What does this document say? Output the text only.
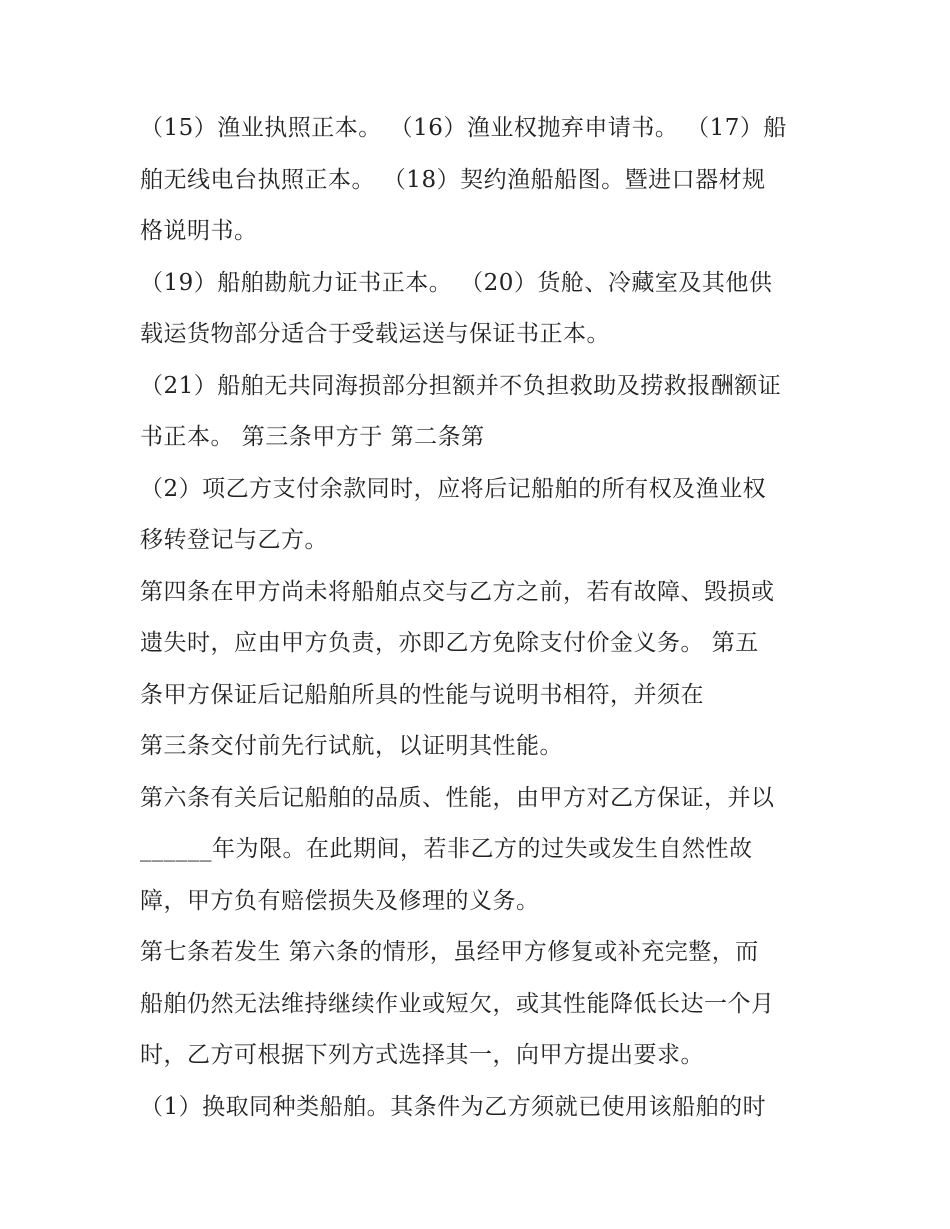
（15）渔业执照正本。 （16）渔业权抛弃申请书。 （17）船
舶无线电台执照正本。 （18）契约渔船船图。暨进口器材规
格说明书。
（19）船舶勘航力证书正本。 （20）货舱、冷藏室及其他供
载运货物部分适合于受载运送与保证书正本。
（21）船舶无共同海损部分担额并不负担救助及捞救报酬额证
书正本。 第三条甲方于 第二条第
（2）项乙方支付余款同时，应将后记船舶的所有权及渔业权
移转登记与乙方。
第四条在甲方尚未将船舶点交与乙方之前，若有故障、毁损或
遗失时，应由甲方负责，亦即乙方免除支付价金义务。 第五
条甲方保证后记船舶所具的性能与说明书相符，并须在
第三条交付前先行试航，以证明其性能。
第六条有关后记船舶的品质、性能，由甲方对乙方保证，并以
______年为限。在此期间，若非乙方的过失或发生自然性故
障，甲方负有赔偿损失及修理的义务。
第七条若发生 第六条的情形，虽经甲方修复或补充完整，而
船舶仍然无法维持继续作业或短欠，或其性能降低长达一个月
时，乙方可根据下列方式选择其一，向甲方提出要求。
（1）换取同种类船舶。其条件为乙方须就已使用该船舶的时
